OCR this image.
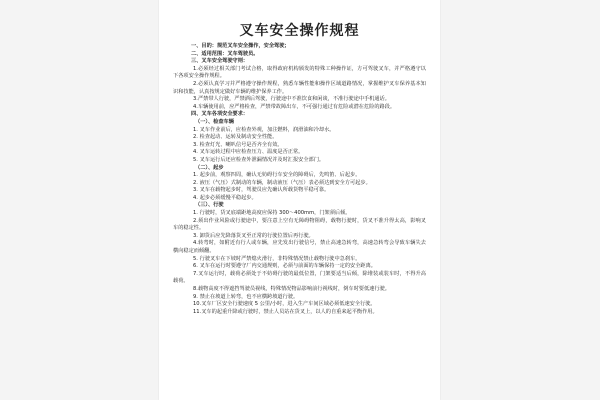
叉车安全操作规程

一、目的：规范叉车安全操作，安全驾驶；

二、适用范围：叉车驾驶员。

三、叉车安全驾驶守则：

1.必须经过相关部门考试合格，取得政府机构颁发的特殊工种操作证，方可驾驶叉车，并严格遵守以下各项安全操作规程。

2.必须认真学习并严格遵守操作规程，熟悉车辆性能和操作区域道路情况，掌握维护叉车保养基本知识和技能，认真按规定做好车辆的维护保养工作。

3.严禁带人行驶，严禁酒后驾驶，行驶途中不准饮食和闲谈，不准行驶途中手机通话。

4.车辆使用前，应严格检查，严禁带故障出车，不可强行通过有危险或潜在危险的路段。

四、叉车各项安全要求：

（一）、检查车辆

1. 叉车作业前后，应检查外观，加注燃料，润滑油和冷却水。

2. 检查起动、运转及制动安全性能。

3. 检查灯光、喇叭信号是否齐全有效。

4. 叉车运转过程中应检查压力、温度是否正常。

5. 叉车运行后还应检查外泄漏情况并及时汇报安全部门。

（二）、起步

1. 起步前，观察四周，确认无妨碍行车安全的障碍后，先鸣笛、后起步。

2. 液压（气压）式制动的车辆，制动液压（气压）表必须达到安全方可起步。

3. 叉车在载物起步时，驾驶员应先确认所载货物平稳可靠。

4. 起步必须缓慢平稳起步。

（三）、行驶

1. 行驶时，货叉底端距地高度应保持 300～400mm，门架须后倾。

2.须出作业风险或行驶途中，要注意上空有无障碍物阻碍，载物行驶时，货叉不准升得太高，影响叉车的稳定性。

3. 卸货后应先降落货叉至正常的行驶位置后再行驶。

4.转弯时，如附近有行人或车辆，应先发出行驶信号，禁止高速急转弯，高速急转弯会导致车辆失去横向稳定而倾翻。

5. 行驶叉车在下坡时严禁熄火滑行，非特殊情况禁止载物行驶中急刹车。

6. 叉车在运行时要遵守厂内交通规则，必须与前面的车辆保持一定的安全距离。

7.叉车运行时，载荷必须处于不妨碍行驶的最低位置，门架要适当后倾，除堆装或装车时，不得升高载荷。

8.载物高度不得遮挡驾驶员视线，特殊情况物品影响前行视线时，倒车时要低速行驶。

9. 禁止在坡道上转弯，也不应横跨坡道行驶。

10.叉车厂区安全行驶速度 5 公里/小时，进入生产车间区域必须低速安全行驶。

11.叉车的起重升降或行驶时，禁止人员站在货叉上，以人的自重来起平衡作用。
